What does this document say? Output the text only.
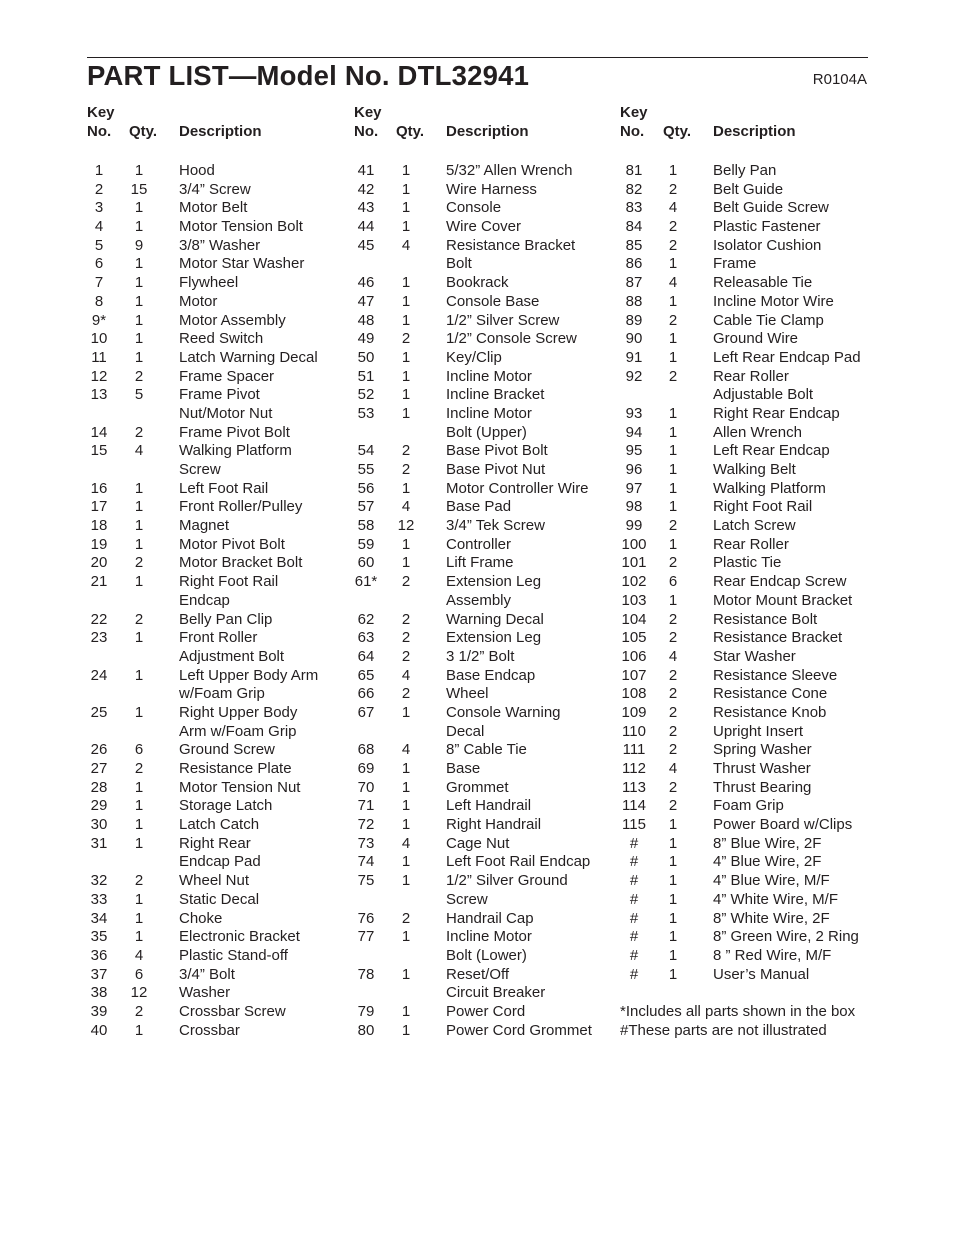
PART LIST—Model No. DTL32941	R0104A
Key
No. Qty. Description
1	1	Hood
2	15 3/4” Screw
3	1	Motor Belt
4	1	Motor Tension Bolt
5	9	3/8” Washer
6	1	Motor Star Washer
7	1	Flywheel
8	1	Motor
9*	1	Motor Assembly
10	1	Reed Switch
11	1	Latch Warning Decal
12	2	Frame Spacer
13	5	Frame Pivot
Nut/Motor Nut
14	2	Frame Pivot Bolt
15	4	Walking Platform
Screw
16	1	Left Foot Rail
17	1	Front Roller/Pulley
18	1	Magnet
19	1	Motor Pivot Bolt
20	2	Motor Bracket Bolt
21	1	Right Foot Rail
Endcap
22	2	Belly Pan Clip
23	1	Front Roller
Adjustment Bolt
24	1	Left Upper Body Arm
w/Foam Grip
25	1	Right Upper Body
Arm w/Foam Grip
26	6	Ground Screw
27	2	Resistance Plate
28	1	Motor Tension Nut
29	1	Storage Latch
30	1	Latch Catch
31	1	Right Rear
Endcap Pad
32	2	Wheel Nut
33	1	Static Decal
34	1	Choke
35	1	Electronic Bracket
36	4	Plastic Stand-off
37	6	3/4” Bolt
38 12 Washer
39	2	Crossbar Screw
40	1	Crossbar
Key
No. Qty. Description
41	1	5/32” Allen Wrench
42	1	Wire Harness
43	1	Console
44	1	Wire Cover
45	4	Resistance Bracket
Bolt
46	1	Bookrack
47	1	Console Base
48	1	1/2” Silver Screw
49	2	1/2” Console Screw
50	1	Key/Clip
51	1	Incline Motor
52	1	Incline Bracket
53	1	Incline Motor
Bolt (Upper)
54	2	Base Pivot Bolt
55	2	Base Pivot Nut
56	1	Motor Controller Wire
57	4	Base Pad
58 12 3/4” Tek Screw
59	1	Controller
60	1	Lift Frame
61*	2	Extension Leg
Assembly
62	2	Warning Decal
63	2	Extension Leg
64	2	3 1/2” Bolt
65	4	Base Endcap
66	2	Wheel
67	1	Console Warning
Decal
68	4	8” Cable Tie
69	1	Base
70	1	Grommet
71	1	Left Handrail
72	1	Right Handrail
73	4	Cage Nut
74	1	Left Foot Rail Endcap
75	1	1/2” Silver Ground
Screw
76	2	Handrail Cap
77	1	Incline Motor
Bolt (Lower)
78	1	Reset/Off
Circuit Breaker
79	1	Power Cord
80	1	Power Cord Grommet
Key
No. Qty. Description
81	1	Belly Pan
82	2	Belt Guide
83	4	Belt Guide Screw
84	2	Plastic Fastener
85	2	Isolator Cushion
86	1	Frame
87	4	Releasable Tie
88	1	Incline Motor Wire
89	2	Cable Tie Clamp
90	1	Ground Wire
91	1	Left Rear Endcap Pad
92	2	Rear Roller
Adjustable Bolt
93	1	Right Rear Endcap
94	1	Allen Wrench
95	1	Left Rear Endcap
96	1	Walking Belt
97	1	Walking Platform
98	1	Right Foot Rail
99	2	Latch Screw
100	1	Rear Roller
101	2	Plastic Tie
102	6	Rear Endcap Screw
103	1	Motor Mount Bracket
104	2	Resistance Bolt
105	2	Resistance Bracket
106	4	Star Washer
107	2	Resistance Sleeve
108	2	Resistance Cone
109	2	Resistance Knob
110	2	Upright Insert
111	2	Spring Washer
112	4	Thrust Washer
113	2	Thrust Bearing
114	2	Foam Grip
115	1	Power Board w/Clips
#	1	8” Blue Wire, 2F
#	1	4” Blue Wire, 2F
#	1	4” Blue Wire, M/F
#	1	4” White Wire, M/F
#	1	8” White Wire, 2F
#	1	8” Green Wire, 2 Ring
#	1	8 ” Red Wire, M/F
#	1	User’s Manual
*Includes all parts shown in the box
#These parts are not illustrated
